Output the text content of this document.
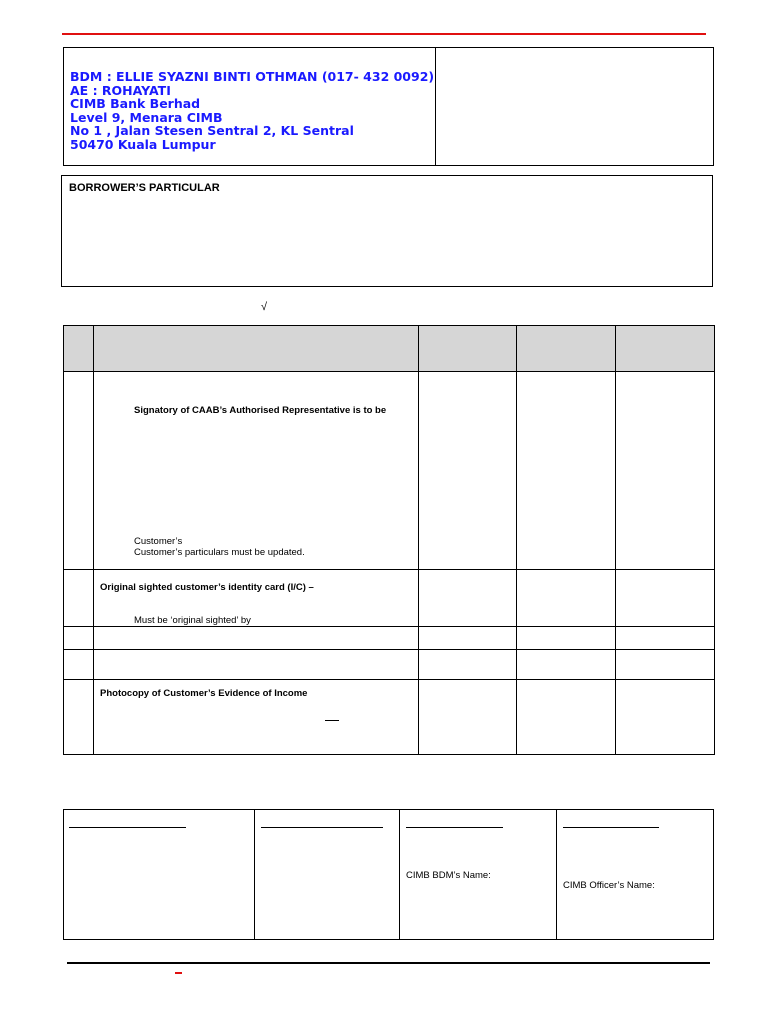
BDM : ELLIE SYAZNI BINTI OTHMAN (017- 432 0092)
AE : ROHAYATI
CIMB Bank Berhad
Level 9, Menara CIMB
No 1 , Jalan Stesen Sentral 2, KL Sentral
50470 Kuala Lumpur
BORROWER’S PARTICULAR
√
Signatory of CAAB’s Authorised Representative is to be
Customer’s
Customer’s particulars must be updated.
Original sighted customer’s identity card (I/C) –
Must be ‘original sighted’ by
Photocopy of Customer’s Evidence of Income
CIMB BDM’s Name:
CIMB Officer’s Name:
